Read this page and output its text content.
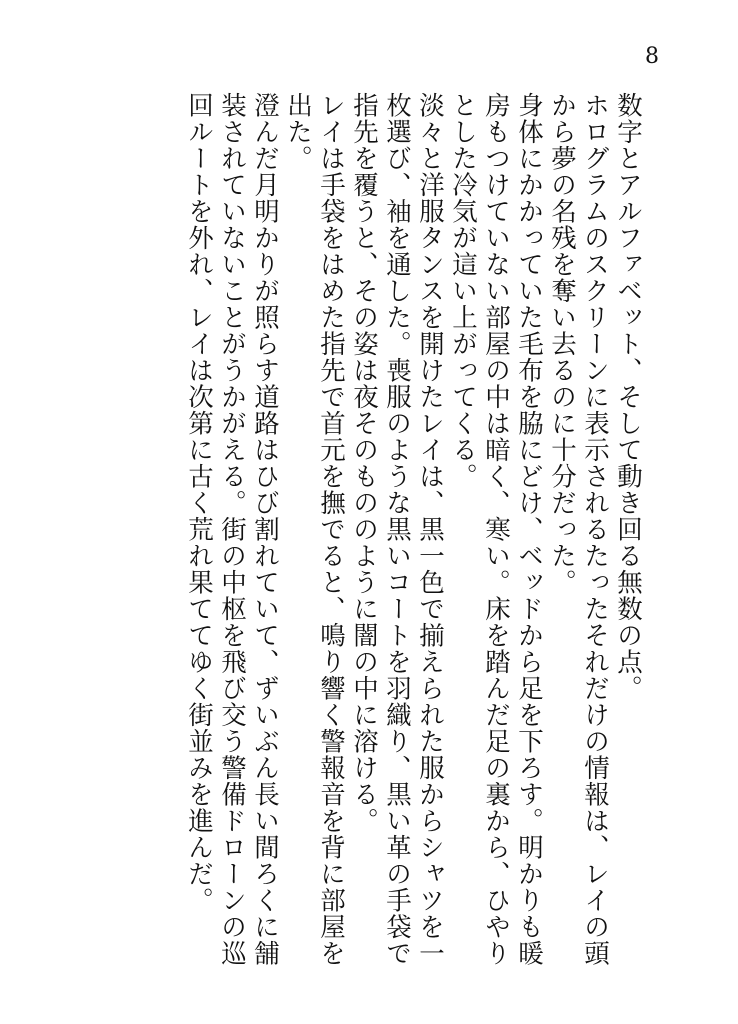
8

数字とアルファベット、そして動き回る無数の点。

ホログラムのスクリーンに表示されるたったそれだけの情報は、レイの頭から夢の名残を奪い去るのに十分だった。

身体にかかっていた毛布を脇にどけ、ベッドから足を下ろす。明かりも暖房もつけていない部屋の中は暗く、寒い。床を踏んだ足の裏から、ひやりとした冷気が這い上がってくる。

淡々と洋服タンスを開けたレイは、黒一色で揃えられた服からシャツを一枚選び、袖を通した。喪服のような黒いコートを羽織り、黒い革の手袋で指先を覆うと、その姿は夜そのもののように闇の中に溶ける。

レイは手袋をはめた指先で首元を撫でると、鳴り響く警報音を背に部屋を出た。

澄んだ月明かりが照らす道路はひび割れていて、ずいぶん長い間ろくに舗装されていないことがうかがえる。街の中枢を飛び交う警備ドローンの巡回ルートを外れ、レイは次第に古く荒れ果ててゆく街並みを進んだ。
